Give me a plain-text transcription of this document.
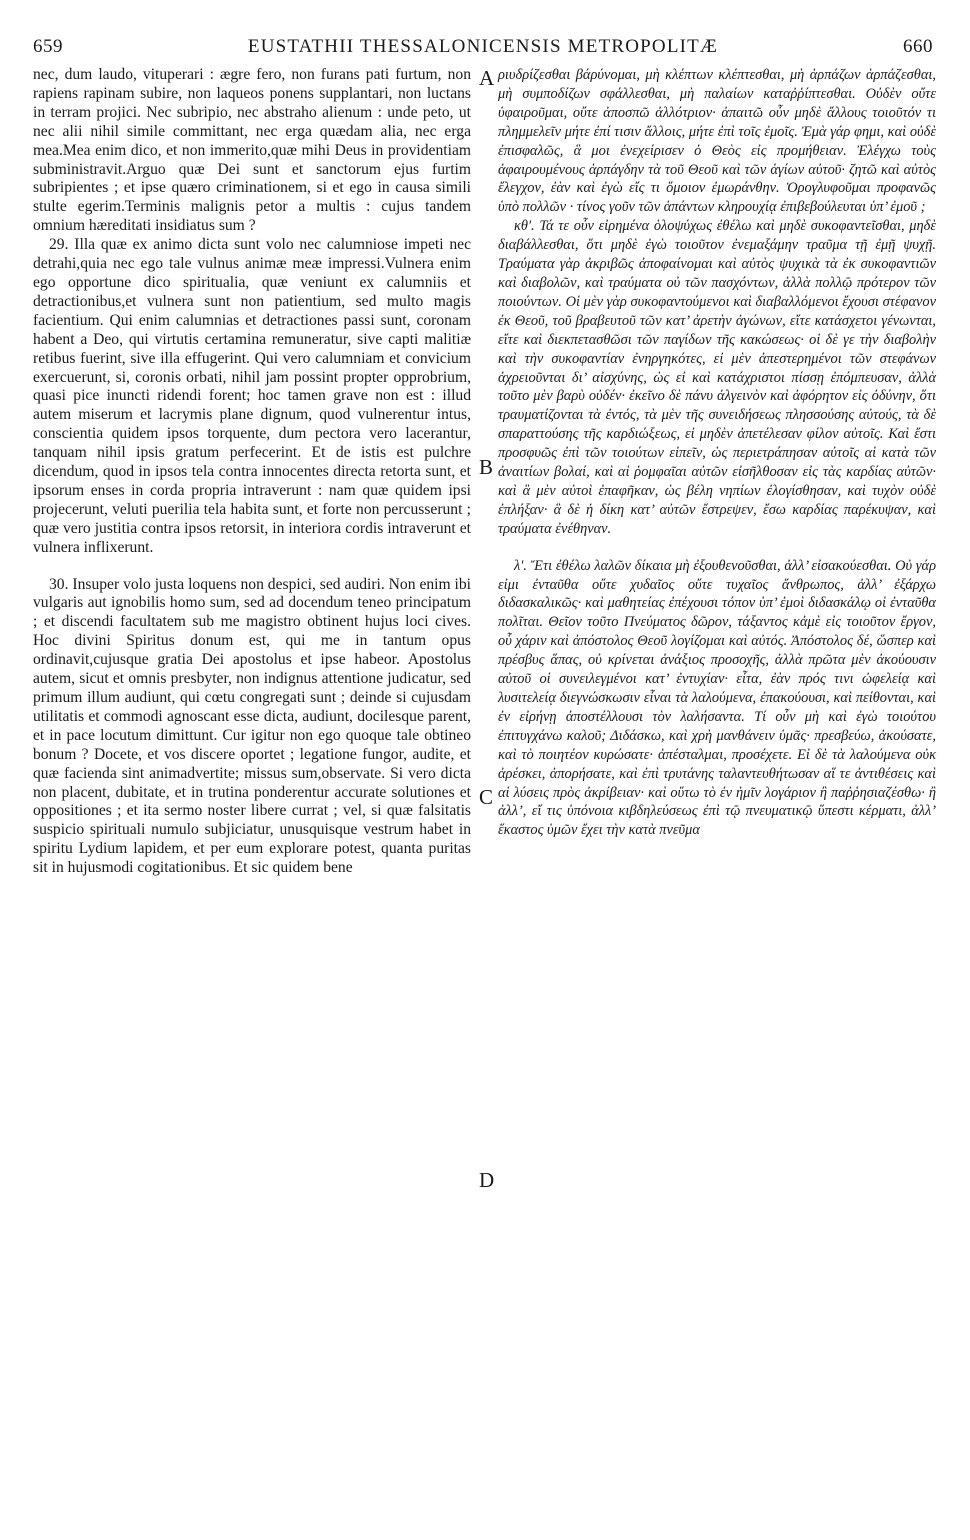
659	EUSTATHII THESSALONICENSIS METROPOLITÆ	660

nec, dum laudo, vituperari : ægre fero, non furans pati furtum, non rapiens rapinam subire, non laqueos ponens supplantari, non luctans in terram projici. Nec subripio, nec abstraho alienum : unde peto, ut nec alii nihil simile committant, nec erga quædam alia, nec erga mea.Mea enim dico, et non immerito,quæ mihi Deus in providentiam subministravit.Arguo quæ Dei sunt et sanctorum ejus furtim subripientes ; et ipse quæro criminationem, si et ego in causa simili stulte egerim.Terminis malignis petor a multis : cujus tandem omnium hæreditati insidiatus sum ?

29. Illa quæ ex animo dicta sunt volo nec calumniose impeti nec detrahi,quia nec ego tale vulnus animæ meæ impressi.Vulnera enim ego opportune dico spiritualia, quæ veniunt ex calumniis et detractionibus,et vulnera sunt non patientium, sed multo magis facientium. Qui enim calumnias et detractiones passi sunt, coronam habent a Deo, qui virtutis certamina remuneratur, sive capti malitiæ retibus fuerint, sive illa effugerint. Qui vero calumniam et convicium exercuerunt, si, coronis orbati, nihil jam possint propter opprobrium, quasi pice inuncti ridendi forent; hoc tamen grave non est : illud autem miserum et lacrymis plane dignum, quod vulnerentur intus, conscientia quidem ipsos torquente, dum pectora vero lacerantur, tanquam nihil ipsis gratum perfecerint. Et de istis est pulchre dicendum, quod in ipsos tela contra innocentes directa retorta sunt, et ipsorum enses in corda propria intraverunt : nam quæ quidem ipsi projecerunt, veluti puerilia tela habita sunt, et forte non percusserunt ; quæ vero justitia contra ipsos retorsit, in interiora cordis intraverunt et vulnera inflixerunt.

30. Insuper volo justa loquens non despici, sed audiri. Non enim ibi vulgaris aut ignobilis homo sum, sed ad docendum teneo principatum ; et discendi facultatem sub me magistro obtinent hujus loci cives. Hoc divini Spiritus donum est, qui me in tantum opus ordinavit,cujusque gratia Dei apostolus et ipse habeor. Apostolus autem, sicut et omnis presbyter, non indignus attentione judicatur, sed primum illum audiunt, qui cœtu congregati sunt ; deinde si cujusdam utilitatis et commodi agnoscant esse dicta, audiunt, docilesque parent, et in pace locutum dimittunt. Cur igitur non ego quoque tale obtineo bonum ? Docete, et vos discere oportet ; legatione fungor, audite, et quæ facienda sint animadvertite; missus sum,observate. Si vero dicta non placent, dubitate, et in trutina ponderentur accurate solutiones et oppositiones ; et ita sermo noster libere currat ; vel, si quæ falsitatis suspicio spirituali numulo subjiciatur, unusquisque vestrum habet in spiritu Lydium lapidem, et per eum explorare potest, quanta puritas sit in hujusmodi cogitationibus. Et sic quidem bene

ριυδρίζεσθαι βάρύνομαι, μὴ κλέπτων κλέπτεσθαι, μὴ ἁρπάζων ἁρπάζεσθαι, μὴ συμποδίζων σφάλλεσθαι, μὴ παλαίων καταῤῥίπτεσθαι. Οὐδὲν οὔτε ὑφαιροῦμαι, οὔτε ἀποσπῶ ἀλλότριον· ἀπαιτῶ οὖν μηδὲ ἄλλους τοιοῦτόν τι πλημμελεῖν μήτε ἐπί τισιν ἄλλοις, μήτε ἐπὶ τοῖς ἐμοῖς. Ἐμὰ γάρ φημι, καὶ οὐδὲ ἐπισφαλῶς, ἃ μοι ἐνεχείρισεν ὁ Θεὸς εἰς προμήθειαν. Ἐλέγχω τοὺς ἀφαιρουμένους ἁρπάγδην τὰ τοῦ Θεοῦ καὶ τῶν ἁγίων αὐτοῦ· ζητῶ καὶ αὐτὸς ἔλεγχον, ἐὰν καὶ ἐγὼ εἴς τι ὅμοιον ἐμωράνθην. Ὁρογλυφοῦμαι προφανῶς ὑπὸ πολλῶν · τίνος γοῦν τῶν ἁπάντων κληρουχίᾳ ἐπιβεβούλευται ὑπ’ ἐμοῦ ;

κθʹ. Τά τε οὖν εἰρημένα ὁλοψύχως ἐθέλω καὶ μηδὲ συκοφαντεῖσθαι, μηδὲ διαβάλλεσθαι, ὅτι μηδὲ ἐγὼ τοιοῦτον ἐνεμαξάμην τραῦμα τῇ ἐμῇ ψυχῇ. Τραύματα γὰρ ἀκριβῶς ἀποφαίνομαι καὶ αὐτὸς ψυχικὰ τὰ ἐκ συκοφαντιῶν καὶ διαβολῶν, καὶ τραύματα οὐ τῶν πασχόντων, ἀλλὰ πολλῷ πρότερον τῶν ποιούντων. Οἱ μὲν γὰρ συκοφαντούμενοι καὶ διαβαλλόμενοι ἔχουσι στέφανον ἐκ Θεοῦ, τοῦ βραβευτοῦ τῶν κατ’ ἀρετὴν ἀγώνων, εἴτε κατάσχετοι γένωνται, εἴτε καὶ διεκπετασθῶσι τῶν παγίδων τῆς κακώσεως· οἱ δὲ γε τὴν διαβολὴν καὶ τὴν συκοφαντίαν ἐνηργηκότες, εἰ μὲν ἀπεστερημένοι τῶν στεφάνων ἀχρειοῦνται δι’ αἰσχύνης, ὡς εἰ καὶ κατάχριστοι πίσσῃ ἐπόμπευσαν, ἀλλὰ τοῦτο μὲν βαρὺ οὐδέν· ἐκεῖνο δὲ πάνυ ἀλγεινὸν καὶ ἀφόρητον εἰς ὀδύνην, ὅτι τραυματίζονται τὰ ἐντός, τὰ μὲν τῆς συνειδήσεως πλησσούσης αὐτούς, τὰ δὲ σπαραττούσης τῆς καρδιώξεως, εἰ μηδὲν ἀπετέλεσαν φίλον αὐτοῖς. Καὶ ἔστι προσφυῶς ἐπὶ τῶν τοιούτων εἰπεῖν, ὡς περιετράπησαν αὐτοῖς αἱ κατὰ τῶν ἀναιτίων βολαί, καὶ αἱ ῥομφαῖαι αὐτῶν εἰσῆλθοσαν εἰς τὰς καρδίας αὐτῶν· καὶ ἃ μὲν αὐτοὶ ἐπαφῆκαν, ὡς βέλη νηπίων ἐλογίσθησαν, καὶ τυχὸν οὐδὲ ἐπλήξαν· ἃ δὲ ἡ δίκη κατ’ αὐτῶν ἔστρεψεν, ἔσω καρδίας παρέκυψαν, καὶ τραύματα ἐνέθηναν.

λʹ. Ἔτι ἐθέλω λαλῶν δίκαια μὴ ἐξουθενοῦσθαι, ἀλλ’ εἰσακούεσθαι. Οὐ γάρ εἰμι ἐνταῦθα οὔτε χυδαῖος οὔτε τυχαῖος ἄνθρωπος, ἀλλ’ ἐξάρχω διδασκαλικῶς· καὶ μαθητείας ἐπέχουσι τόπον ὑπ’ ἐμοὶ διδασκάλῳ οἱ ἐνταῦθα πολῖται. Θεῖον τοῦτο Πνεύματος δῶρον, τάξαντος κἀμὲ εἰς τοιοῦτον ἔργον, οὗ χάριν καὶ ἀπόστολος Θεοῦ λογίζομαι καὶ αὐτός. Ἀπόστολος δέ, ὥσπερ καὶ πρέσβυς ἅπας, οὐ κρίνεται ἀνάξιος προσοχῆς, ἀλλὰ πρῶτα μὲν ἀκούουσιν αὐτοῦ οἱ συνειλεγμένοι κατ’ ἐντυχίαν· εἶτα, ἐὰν πρός τινι ὠφελείᾳ καὶ λυσιτελείᾳ διεγνώσκωσιν εἶναι τὰ λαλούμενα, ἐπακούουσι, καὶ πείθονται, καὶ ἐν εἰρήνῃ ἀποστέλλουσι τὸν λαλήσαντα. Τί οὖν μὴ καὶ ἐγὼ τοιούτου ἐπιτυγχάνω καλοῦ; Διδάσκω, καὶ χρὴ μανθάνειν ὑμᾶς· πρεσβεύω, ἀκούσατε, καὶ τὸ ποιητέον κυρώσατε· ἀπέσταλμαι, προσέχετε. Εἰ δὲ τὰ λαλούμενα οὐκ ἀρέσκει, ἀπορήσατε, καὶ ἐπὶ τρυτάνης ταλαντευθήτωσαν αἵ τε ἀντιθέσεις καὶ αἱ λύσεις πρὸς ἀκρίβειαν· καὶ οὕτω τὸ ἐν ἡμῖν λογάριον ἢ παῤῥησιαζέσθω· ἢ ἀλλ’, εἴ τις ὑπόνοια κιβδηλεύσεως ἐπὶ τῷ πνευματικῷ ὕπεστι κέρματι, ἀλλ’ ἕκαστος ὑμῶν ἔχει τὴν κατὰ πνεῦμα

A
B
C
D
